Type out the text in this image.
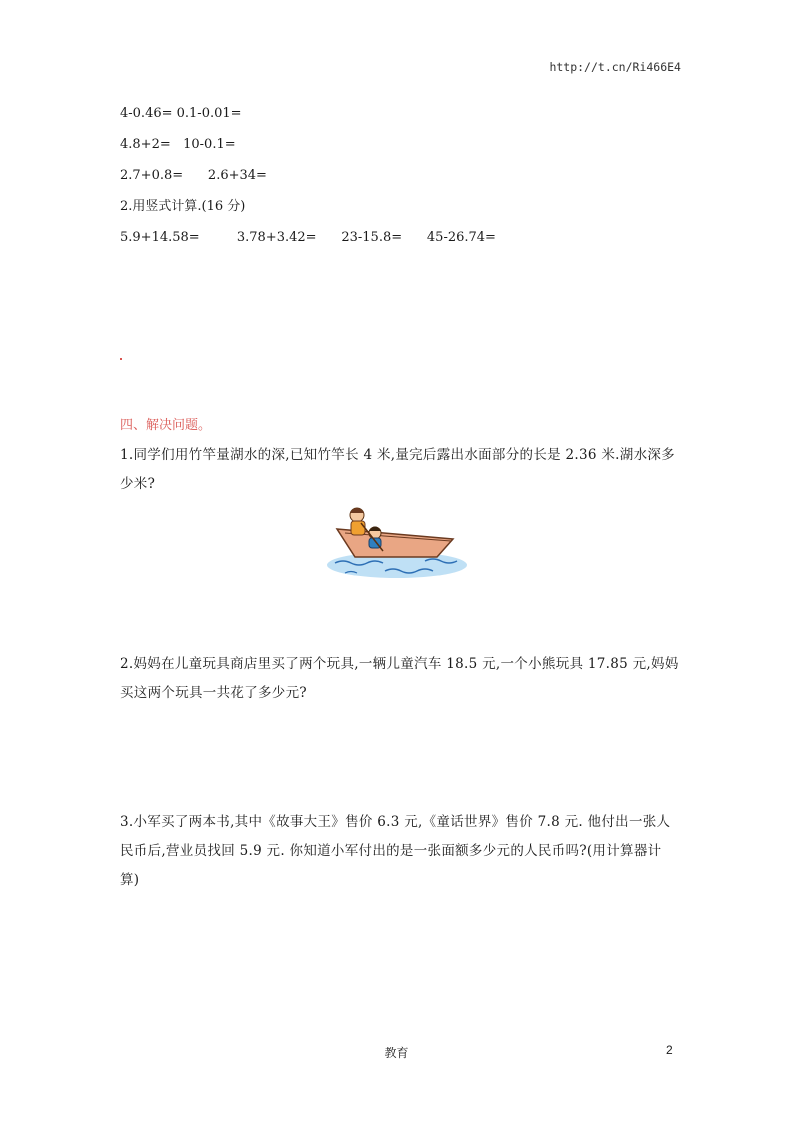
http://t.cn/Ri466E4
4-0.46= 0.1-0.01=
4.8+2=   10-0.1=
2.7+0.8=      2.6+34=
2.用竖式计算.(16 分)
5.9+14.58=         3.78+3.42=      23-15.8=      45-26.74=
四、解决问题。
1.同学们用竹竿量湖水的深,已知竹竿长 4 米,量完后露出水面部分的长是 2.36 米.湖水深多少米?
2.妈妈在儿童玩具商店里买了两个玩具,一辆儿童汽车 18.5 元,一个小熊玩具 17.85 元,妈妈买这两个玩具一共花了多少元?
3.小军买了两本书,其中《故事大王》售价 6.3 元,《童话世界》售价 7.8 元. 他付出一张人民币后,营业员找回 5.9 元. 你知道小军付出的是一张面额多少元的人民币吗?(用计算器计算)
教育	2
